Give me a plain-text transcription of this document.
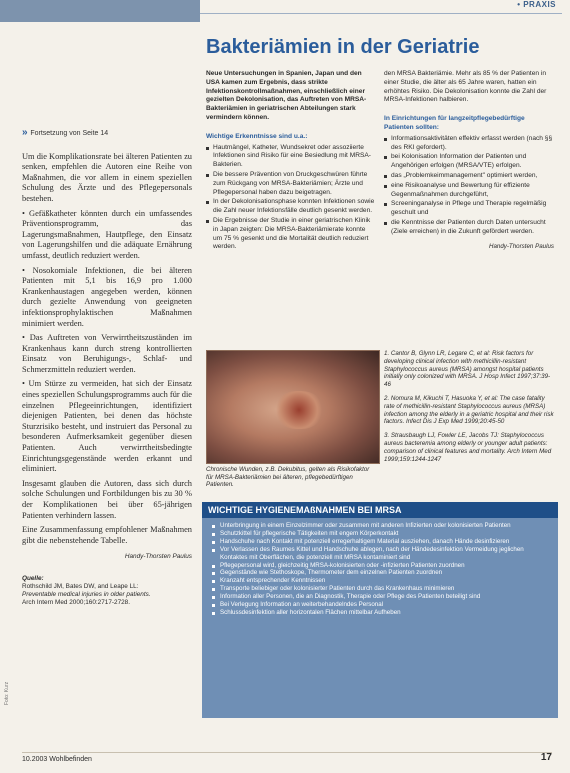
• PRAXIS
Bakteriämien in der Geriatrie
» Fortsetzung von Seite 14

Um die Komplikationsrate bei älteren Patienten zu senken, empfehlen die Autoren eine Reihe von Maßnahmen, die vor allem in einem speziellen Schulung des Ärzte und des Pflegepersonals bestehen.

• Gefäßkatheter könnten durch ein umfassendes Präventionsprogramm, das Lagerungsmaßnahmen, Hautpflege, den Einsatz von Lagerungshilfen und die adäquate Ernährung umfasst, deutlich reduziert werden.

• Nosokomiale Infektionen, die bei älteren Patienten mit 5,1 bis 16,9 pro 1.000 Krankenhaustagen angegeben werden, können durch gezielte Anwendung von geeigneten infektionsprophylaktischen Maßnahmen minimiert werden.

• Das Auftreten von Verwirrtheitszuständen im Krankenhaus kann durch streng kontrollierten Einsatz von Beruhigungs-, Schlaf- und Schmerzmitteln reduziert werden.

• Um Stürze zu vermeiden, hat sich der Einsatz eines speziellen Schulungsprogramms auch für die einzelnen Pflegeeinrichtungen, identifiziert diejenigen Patienten, bei denen das höchste Sturzrisiko besteht, und instruiert das Personal zu besonderen Aufmerksamkeit gegenüber diesen Patienten. Auch verwirrtheitsbedingte Einrichtungsgegenstände werden erkannt und eliminiert.

Insgesamt glauben die Autoren, dass sich durch solche Schulungen und Fortbildungen bis zu 30 % der Komplikationen bei über 65-jährigen Patienten verhindern lassen.

Eine Zusammenfassung empfohlener Maßnahmen gibt die nebenstehende Tabelle.

Handy-Thorsten Paulus
Quelle:
Rothschild JM, Bates DW, and Leape LL:
Preventable medical injuries in older patients.
Arch Intern Med 2000;160:2717-2728.

Neue Untersuchungen in Spanien, Japan und den USA kamen zum Ergebnis, dass strikte Infektionskontrollmaßnahmen, einschließlich einer gezielten Dekolonisation, das Auftreten von MRSA-Bakteriämien in geriatrischen Abteilungen stark vermindern können.

Wichtige Erkenntnisse sind u.a.:
Hautmängel, Katheter, Wundsekret oder assoziierte Infektionen sind Risiko für eine Besiedlung mit MRSA-Bakterien.
Die bessere Prävention von Druckgeschwüren führte zum Rückgang von MRSA-Bakteriämien; Ärzte und Pflegepersonal haben dazu beigetragen.
In der Dekolonisationsphase konnten Infektionen sowie die Zahl neuer Infektionsfälle deutlich gesenkt werden.
Die Ergebnisse der Studie in einer geriatrischen Klinik in Japan zeigten: Die MRSA-Bakteriämierate konnte um 75 % gesenkt und die Mortalität deutlich reduziert werden.

den MRSA Bakteriämie. Mehr als 85 % der Patienten in einer Studie, die älter als 65 Jahre waren, hatten ein erhöhtes Risiko. Die Dekolonisation konnte die Zahl der MRSA-Infektionen halbieren.

In Einrichtungen für langzeitpflegebedürftige Patienten sollten:
Informationsaktivitäten effektiv erfasst werden (nach §§ des RKI gefordert).
bei Kolonisation Information der Patienten und Angehörigen erfolgen (MRSA/VTE) erfolgen.
das „Problemkeimmanagement" optimiert werden,
eine Risikoanalyse und Bewertung für effiziente Gegenmaßnahmen durchgeführt,
Screeninganalyse in Pflege und Therapie regelmäßig geschult und
die Kenntnisse der Patienten durch Daten untersucht (Ziele erreichen) in die Zukunft gefördert werden.
Handy-Thorsten Paulus
Chronische Wunden, z.B. Dekubitus, gelten als Risikofaktor für MRSA-Bakteriämien bei älteren, pflegebedürftigen Patienten.

1. Cantor B, Glynn LR, Legare C, et al: Risk factors for developing clinical infection with methicillin-resistant Staphylococcus aureus (MRSA) amongst hospital patients initially only colonized with MRSA. J Hosp Infect 1997;37:39-46

2. Nomura M, Kikuchi T, Hasuoka Y, et al: The case fatality rate of methicillin-resistant Staphylococcus aureus (MRSA) infection among the elderly in a geriatric hospital and their risk factors. Infect Dis J Exp Med 1999;20:45-50

3. Strausbaugh LJ, Fowler LE, Jacobs TJ: Staphylococcus aureus bacteremia among elderly or younger adult patients: comparison of clinical features and mortality. Arch Intern Med 1999;159:1244-1247

WICHTIGE HYGIENEMAßNAHMEN BEI MRSA
Unterbringung in einem Einzelzimmer oder zusammen mit anderen Infizierten oder kolonisierten Patienten
Schutzkittel für pflegerische Tätigkeiten mit engem Körperkontakt
Handschuhe nach Kontakt mit potenziell erregerhaltigem Material ausziehen, danach Hände desinfizieren
Vor Verlassen des Raumes Kittel und Handschuhe ablegen, nach der Händedesinfektion Vermeidung jeglichen Kontaktes mit Oberflächen, die potenziell mit MRSA kontaminiert sind
Pflegepersonal wird, gleichzeitig MRSA-kolonisierten oder -infizierten Patienten zuordnen
Gegenstände wie Stethoskope, Thermometer dem einzelnen Patienten zuordnen
Kranzaht entsprechender Kenntnissen
Transporte beliebiger oder kolonisierter Patienten durch das Krankenhaus minimieren
Information aller Personen, die an Diagnostik, Therapie oder Pflege des Patienten beteiligt sind
Bei Verlegung Information an weiterbehandelndes Personal
Schlussdesinfektion aller horizontalen Flächen mittelbar Aufheben
Foto: Kurz
10.2003 Wohlbefinden	17
